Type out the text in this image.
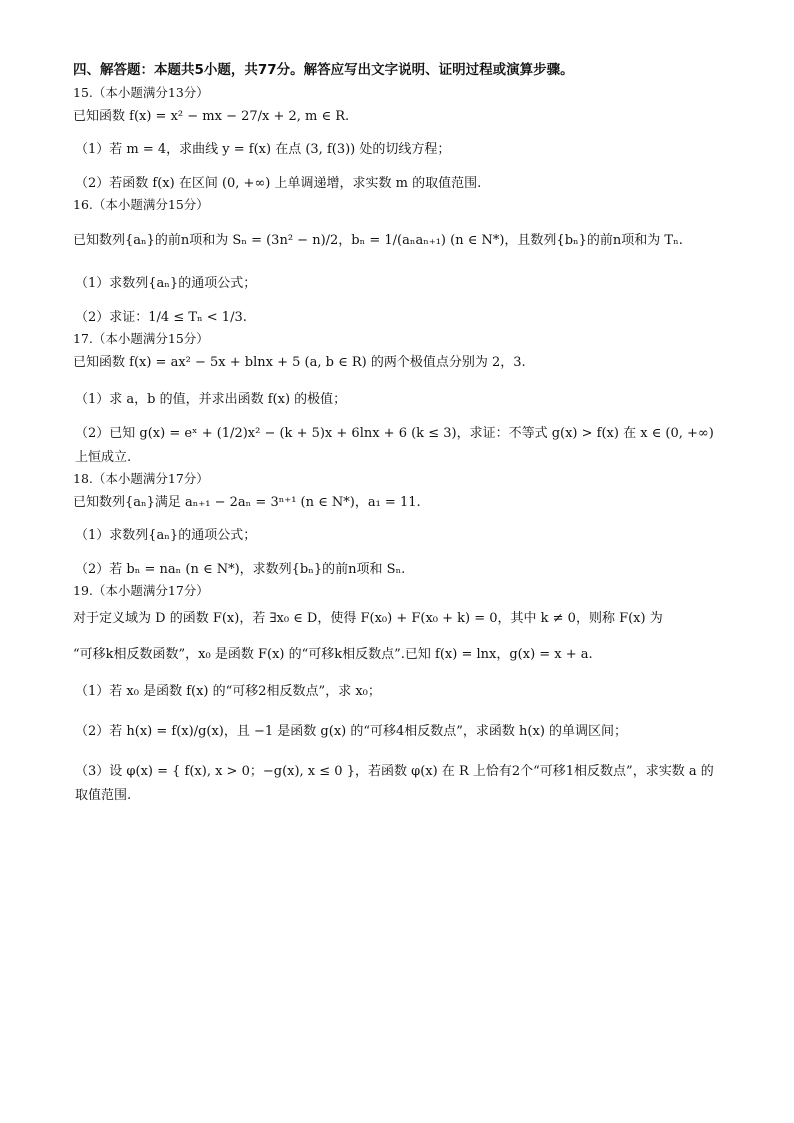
四、解答题：本题共5小题，共77分。解答应写出文字说明、证明过程或演算步骤。
15.（本小题满分13分）
已知函数 f(x) = x² − mx − 27/x + 2, m ∈ R.
（1）若 m = 4，求曲线 y = f(x) 在点 (3, f(3)) 处的切线方程；
（2）若函数 f(x) 在区间 (0, +∞) 上单调递增，求实数 m 的取值范围.
16.（本小题满分15分）
已知数列{aₙ}的前n项和为 Sₙ = (3n² − n)/2，bₙ = 1/(aₙaₙ₊₁) (n ∈ N*)，且数列{bₙ}的前n项和为 Tₙ.
（1）求数列{aₙ}的通项公式；
（2）求证：1/4 ≤ Tₙ < 1/3.
17.（本小题满分15分）
已知函数 f(x) = ax² − 5x + blnx + 5 (a, b ∈ R) 的两个极值点分别为 2，3.
（1）求 a，b 的值，并求出函数 f(x) 的极值；
（2）已知 g(x) = eˣ + (1/2)x² − (k + 5)x + 6lnx + 6 (k ≤ 3)，求证：不等式 g(x) > f(x) 在 x ∈ (0, +∞) 上恒成立.
18.（本小题满分17分）
已知数列{aₙ}满足 aₙ₊₁ − 2aₙ = 3ⁿ⁺¹ (n ∈ N*)，a₁ = 11.
（1）求数列{aₙ}的通项公式；
（2）若 bₙ = naₙ (n ∈ N*)，求数列{bₙ}的前n项和 Sₙ.
19.（本小题满分17分）
对于定义域为 D 的函数 F(x)，若 ∃x₀ ∈ D，使得 F(x₀) + F(x₀ + k) = 0，其中 k ≠ 0，则称 F(x) 为
“可移k相反数函数”，x₀ 是函数 F(x) 的“可移k相反数点”.已知 f(x) = lnx，g(x) = x + a.
（1）若 x₀ 是函数 f(x) 的“可移2相反数点”，求 x₀；
（2）若 h(x) = f(x)/g(x)，且 −1 是函数 g(x) 的“可移4相反数点”，求函数 h(x) 的单调区间；
（3）设 φ(x) = { f(x), x > 0；−g(x), x ≤ 0 }，若函数 φ(x) 在 R 上恰有2个“可移1相反数点”，求实数 a 的取值范围.
